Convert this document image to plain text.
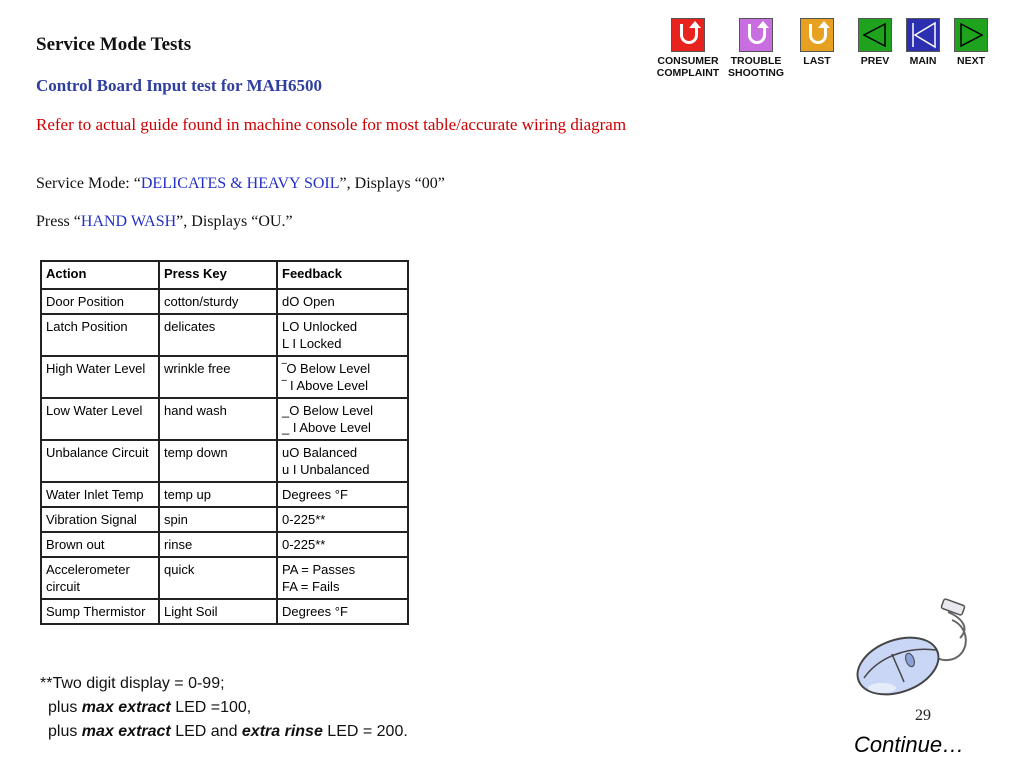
Service Mode Tests
Control Board Input test for MAH6500
Refer to actual guide found in machine console for most table/accurate wiring diagram
Service Mode: “DELICATES & HEAVY SOIL”, Displays “00”
Press “HAND WASH”, Displays “OU.”
CONSUMER
COMPLAINT
TROUBLE
SHOOTING
LAST	PREV	MAIN	NEXT
Action	Press Key	Feedback
Door Position	cotton/sturdy	dO Open

Latch Position	delicates	LO Unlocked
L I Locked

High Water Level	wrinkle free	‾O Below Level
‾ I Above Level

Low Water Level	hand wash	_O Below Level
_ I Above Level

Unbalance Circuit	temp down	uO Balanced
u I Unbalanced

Water Inlet Temp	temp up	Degrees °F

Vibration Signal	spin	0-225**

Brown out	rinse	0-225**

Accelerometer circuit	quick	PA = Passes
FA = Fails

Sump Thermistor	Light Soil	Degrees °F
**Two digit display = 0-99;
plus max extract LED =100,
plus max extract LED and extra rinse LED = 200.
29
Continue…
